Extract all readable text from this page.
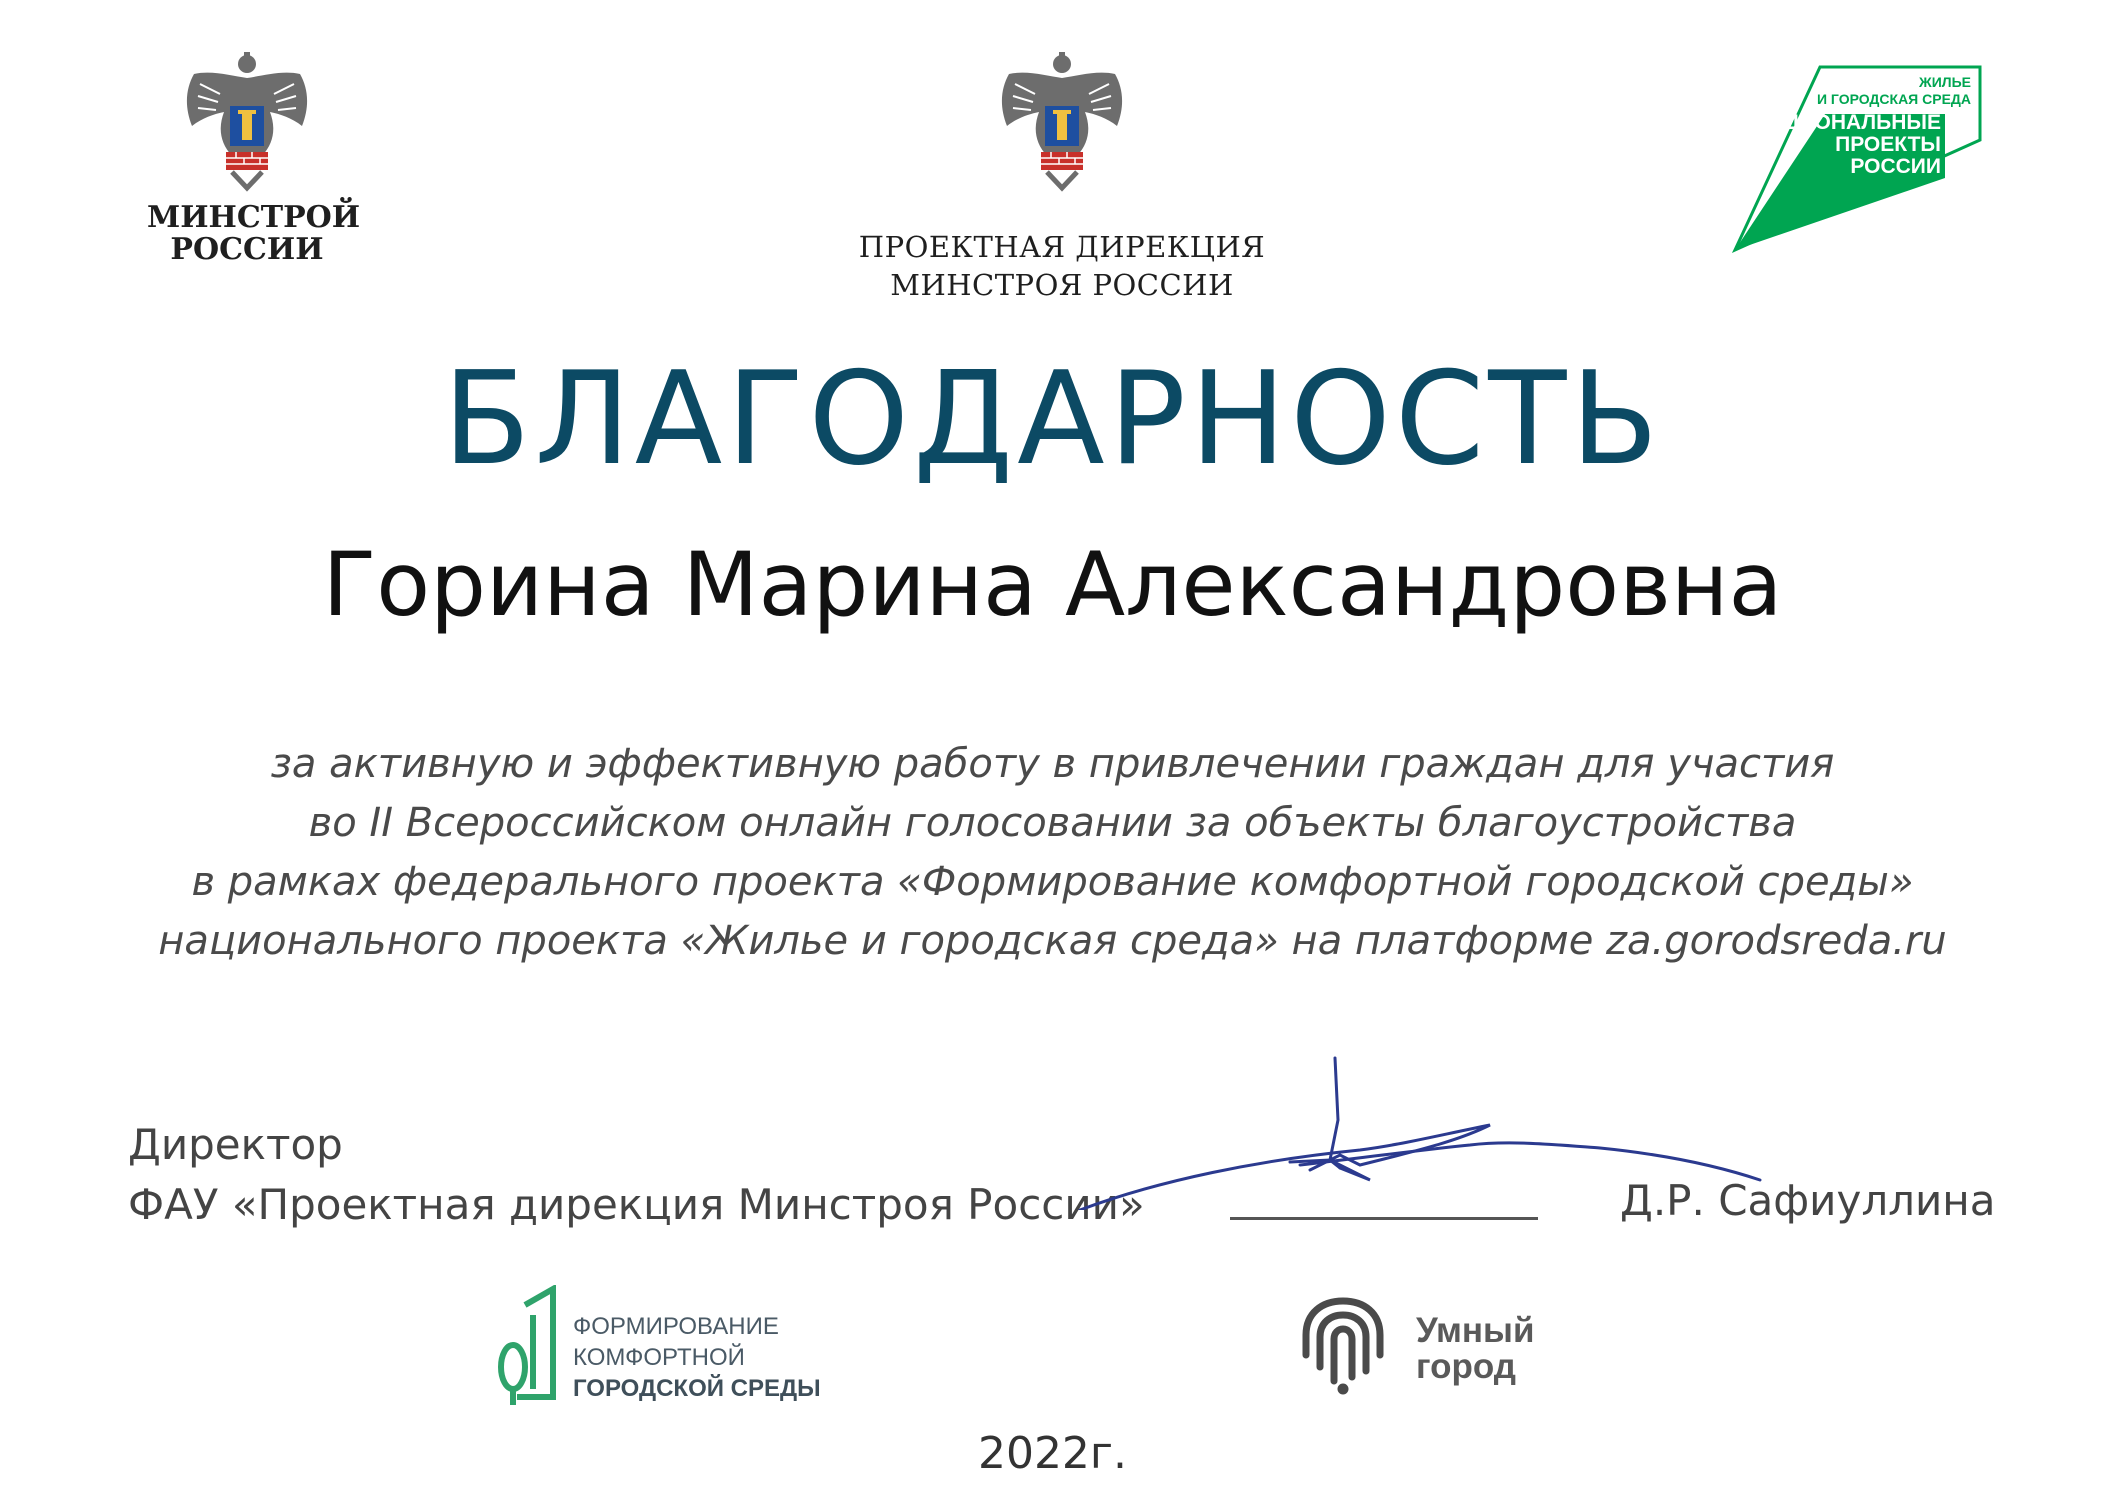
МИНСТРОЙ
РОССИИ	ПРОЕКТНАЯ ДИРЕКЦИЯ
МИНСТРОЯ РОССИИ
ЖИЛЬЕ
И ГОРОДСКАЯ СРЕДА
НАЦИОНАЛЬНЫЕ
ПРОЕКТЫ
РОССИИ
БЛАГОДАРНОСТЬ
Горина Марина Александровна
за активную и эффективную работу в привлечении граждан для участия
во II Всероссийском онлайн голосовании за объекты благоустройства
в рамках федерального проекта «Формирование комфортной городской среды»
национального проекта «Жилье и городская среда» на платформе za.gorodsreda.ru
Директор
ФАУ «Проектная дирекция Минстроя России»	Д.Р. Сафиуллина
ФОРМИРОВАНИЕ
КОМФОРТНОЙ
ГОРОДСКОЙ СРЕДЫ
Умный
город
2022г.
